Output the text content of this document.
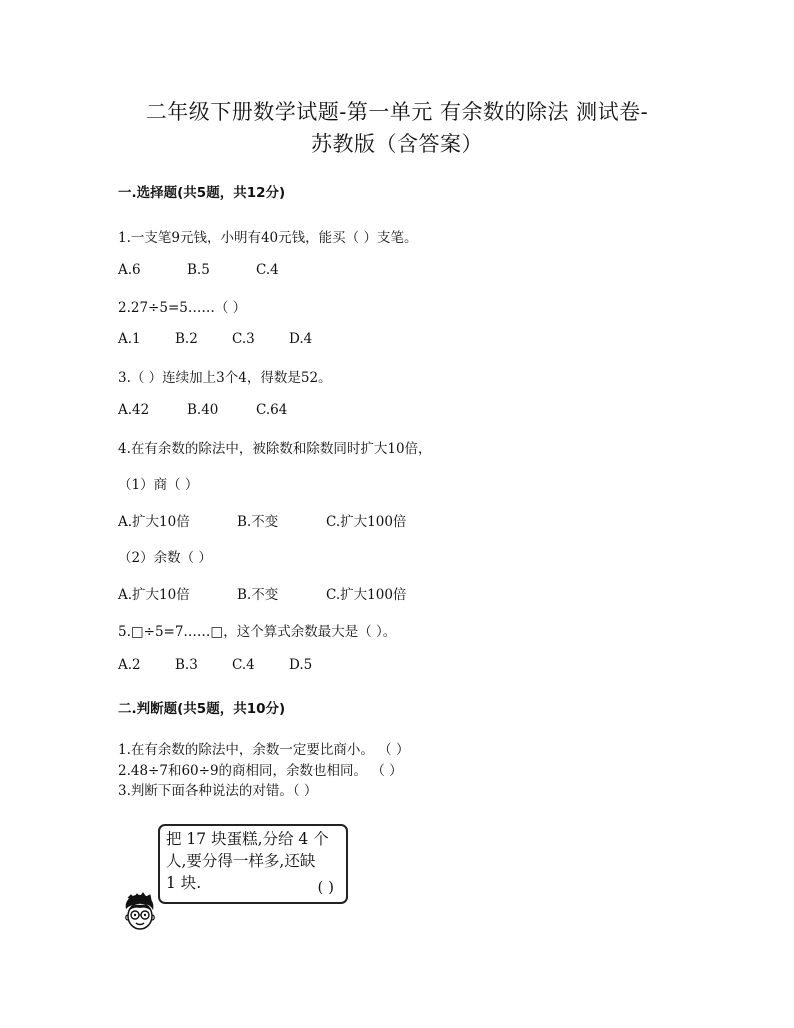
二年级下册数学试题-第一单元 有余数的除法 测试卷-
苏教版（含答案）
一.选择题(共5题，共12分)
1.一支笔9元钱，小明有40元钱，能买（ ）支笔。
A.6	B.5	C.4
2.27÷5=5……（ ）
A.1	B.2	C.3	D.4
3.（ ）连续加上3个4，得数是52。
A.42	B.40	C.64
4.在有余数的除法中，被除数和除数同时扩大10倍，
（1）商（ ）
A.扩大10倍	B.不变	C.扩大100倍
（2）余数（ ）
A.扩大10倍	B.不变	C.扩大100倍
5.□÷5=7……□，这个算式余数最大是（ ）。
A.2	B.3	C.4	D.5
二.判断题(共5题，共10分)
1.在有余数的除法中，余数一定要比商小。 （ ）
2.48÷7和60÷9的商相同，余数也相同。 （ ）
3.判断下面各种说法的对错。（ ）
把 17 块蛋糕,分给 4 个
人,要分得一样多,还缺
1 块.	( )
